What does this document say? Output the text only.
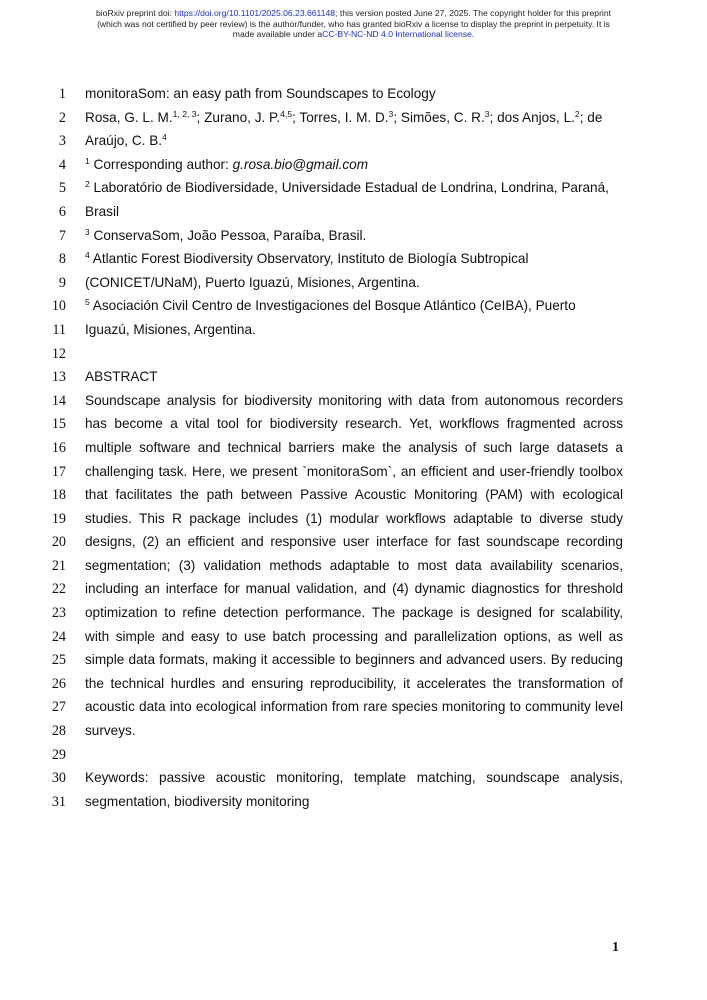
bioRxiv preprint doi: https://doi.org/10.1101/2025.06.23.661148; this version posted June 27, 2025. The copyright holder for this preprint
(which was not certified by peer review) is the author/funder, who has granted bioRxiv a license to display the preprint in perpetuity. It is
made available under aCC-BY-NC-ND 4.0 International license.
1 monitoraSom: an easy path from Soundscapes to Ecology
2 Rosa, G. L. M.$^{1, 2, 3}$; Zurano, J. P.$^{4,5}$; Torres, I. M. D.$^3$; Simões, C. R.$^3$; dos Anjos, L.$^2$; de
3 Araújo, C. B.$^4$
4 $^1$ Corresponding author: g.rosa.bio@gmail.com
5 $^2$ Laboratório de Biodiversidade, Universidade Estadual de Londrina, Londrina, Paraná,
6 Brasil
7 $^3$ ConservaSom, João Pessoa, Paraíba, Brasil.
8 $^4$ Atlantic Forest Biodiversity Observatory, Instituto de Biología Subtropical
9 (CONICET/UNaM), Puerto Iguazú, Misiones, Argentina.
10 $^5$ Asociación Civil Centro de Investigaciones del Bosque Atlántico (CeIBA), Puerto
11 Iguazú, Misiones, Argentina.
12
13 ABSTRACT
14 Soundscape analysis for biodiversity monitoring with data from autonomous recorders
15 has become a vital tool for biodiversity research. Yet, workflows fragmented across
16 multiple software and technical barriers make the analysis of such large datasets a
17 challenging task. Here, we present `monitoraSom`, an efficient and user-friendly toolbox
18 that facilitates the path between Passive Acoustic Monitoring (PAM) with ecological
19 studies. This R package includes (1) modular workflows adaptable to diverse study
20 designs, (2) an efficient and responsive user interface for fast soundscape recording
21 segmentation; (3) validation methods adaptable to most data availability scenarios,
22 including an interface for manual validation, and (4) dynamic diagnostics for threshold
23 optimization to refine detection performance. The package is designed for scalability,
24 with simple and easy to use batch processing and parallelization options, as well as
25 simple data formats, making it accessible to beginners and advanced users. By reducing
26 the technical hurdles and ensuring reproducibility, it accelerates the transformation of
27 acoustic data into ecological information from rare species monitoring to community level
28 surveys.
29
30 Keywords: passive acoustic monitoring, template matching, soundscape analysis,
31 segmentation, biodiversity monitoring
1
